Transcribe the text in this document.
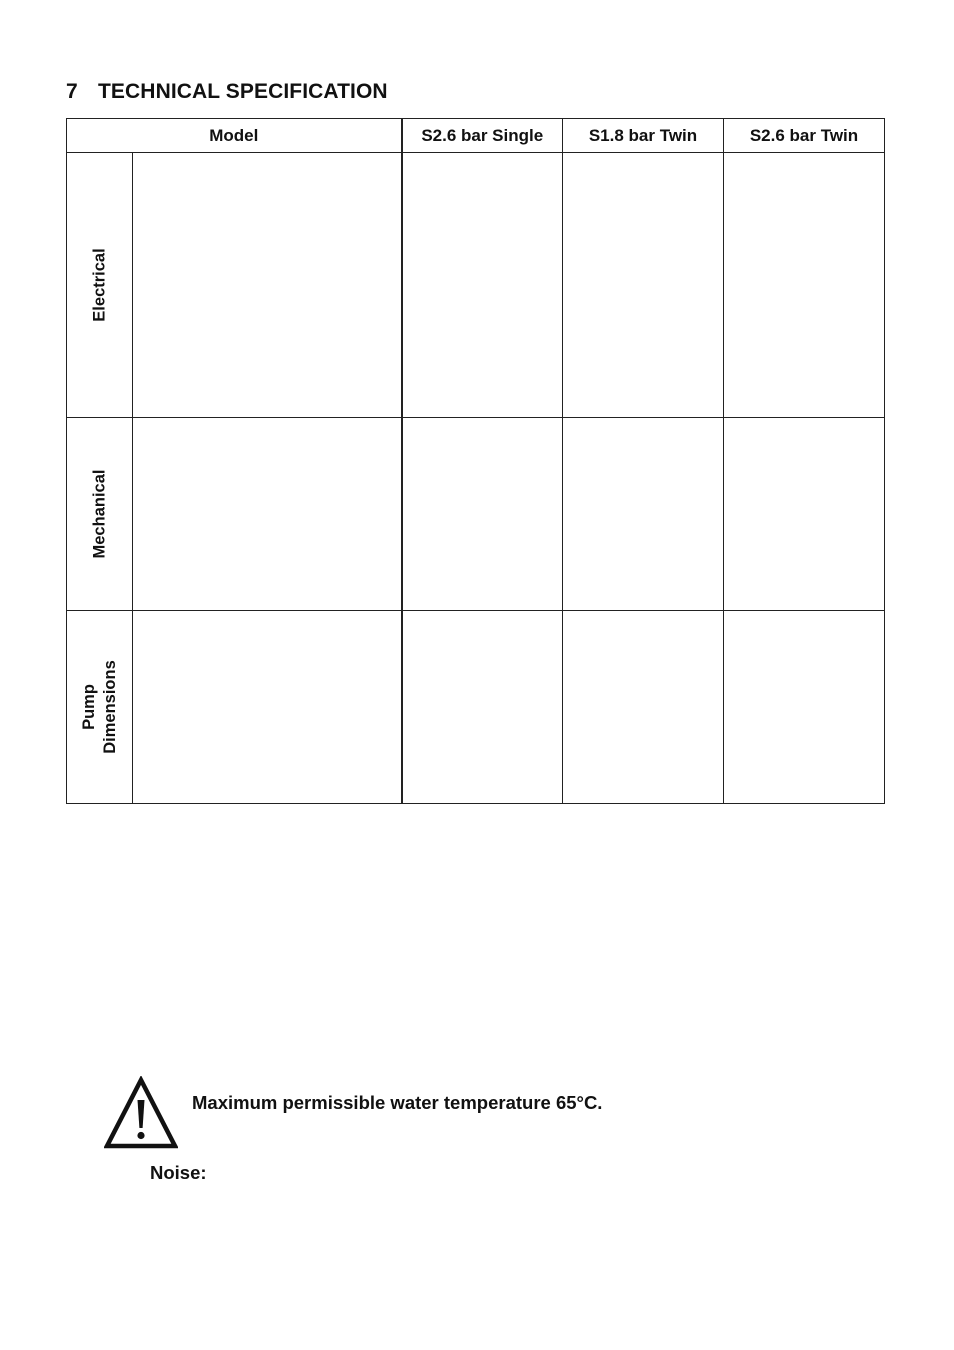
7 TECHNICAL SPECIFICATION
Model		S2.6 bar Single	S1.8 bar Twin	S2.6 bar Twin

Electrical				

Mechanical				

Pump Dimensions				

Maximum permissible water temperature 65°C.
Noise:
